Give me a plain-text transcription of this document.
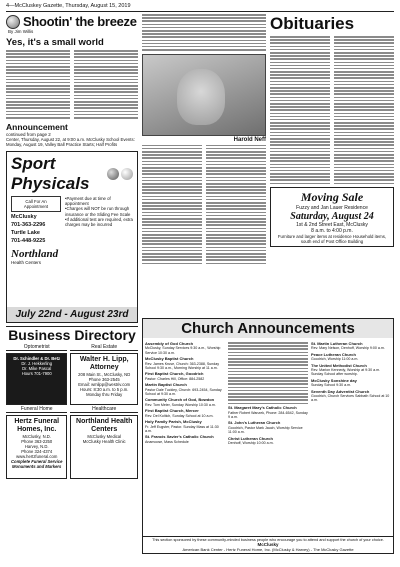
4—McCluskey Gazette, Thursday, August 15, 2019
Shootin' the breeze
By Jim Willis
Yes, it's a small world
Announcement
continued from page 2
Center, Thursday, August 22, at 9:00 a.m. McClusky School Events: Monday, August 19, Valley Ball Practice Starts; Half Profits
Sport Physicals
Call For An Appointment
McClusky
701-363-2296
Turtle Lake
701-448-9225
• Payment due at time of appointment
• Charges will NOT be run through insurance or the Sliding Fee Scale
• If additional test are required, extra charges may be incurred
Northland
Health Centers
July 22nd - August 23rd
Business Directory
Optometrist
Dr. Schindler & Dr. Betz
Dr. J. Hekkerling
Dr. Mike Pascal
Hours 701-7900
Real Estate
Walter H. Lipp, Attorney
208 Main St., McClusky, ND
Phone 363-2545
Email: wmlipp@westriv.com
Hours: 8:30 a.m. to 5 p.m. Monday thru Friday
Funeral Home
Hertz Funeral Homes, Inc.
McClusky, N.D.
Phone 363-2250
Harvey, N.D.
Phone 324-4374
www.hertzfuneral.com
Complete Funeral Service Monuments and Markers
Healthcare
Northland Health Centers
McClusky Medical
McClusky Health Clinic
Harold Neff
Obituaries
Moving Sale
Fuzzy and Jan Lauer Residence
Saturday, August 24
1st & 2nd Street East, McClusky
8 a.m. to 4:00 p.m.
Furniture and larger items at residence Household items, south end of Post Office Building
Church Announcements
Assembly of God Church
McClusky, Sunday Services 9:30 a.m., Worship Service 10:30 a.m.
McClusky Baptist Church
Rev. James Kruse, Church: 363-2388, Sunday School 9:30 a.m., Morning Worship at 11 a.m.
First Baptist Church, Goodrich
Pastor: Charles Hill, Office: 884-2582
Martin Baptist Church
Pastor Dale Tuckley, Church: 693-2454, Sunday School at 9:30 a.m.
Community Church of God, Bowdon
Rev. Tom Meier, Sunday Worship 10:30 a.m.
First Baptist Church, Mercer
Rev. Del Koltich, Sunday School at 10 a.m.
Holy Family Parish, McClusky
Fr. Jeff Eugster, Pastor. Sunday Mass at 11:30 a.m.
St. Francis Xavier's Catholic Church
Anamoose, Mass Schedule
St. Margaret Mary's Catholic Church
Father Robert Wanzek, Phone: 284-6542, Sunday 9 a.m.
St. John's Lutheran Church
Goodrich, Pastor Mark Jauch, Worship Service 11:00 a.m.
Christ Lutheran Church
Denhoff, Worship 10:00 a.m.
St. Martin Lutheran Church
Rev. Mary Nelson, Denhoff, Worship 9:00 a.m.
Peace Lutheran Church
Goodrich, Worship 11:00 a.m.
The United Methodist Church
Rev. Marion Kennedy, Worship at 9:30 a.m. Sunday School after worship.
McClusky Sonshine day
Sunday School 9:30 a.m.
Seventh Day Adventist Church
Goodrich, Church Services Sabbath School at 10 a.m.
This section sponsored by these community-minded business people who encourage you to attend and support the church of your choice.
McClusky
American Bank Center - Hertz Funeral Home, Inc. (McClusky & Harvey) - The McClusky Gazette
